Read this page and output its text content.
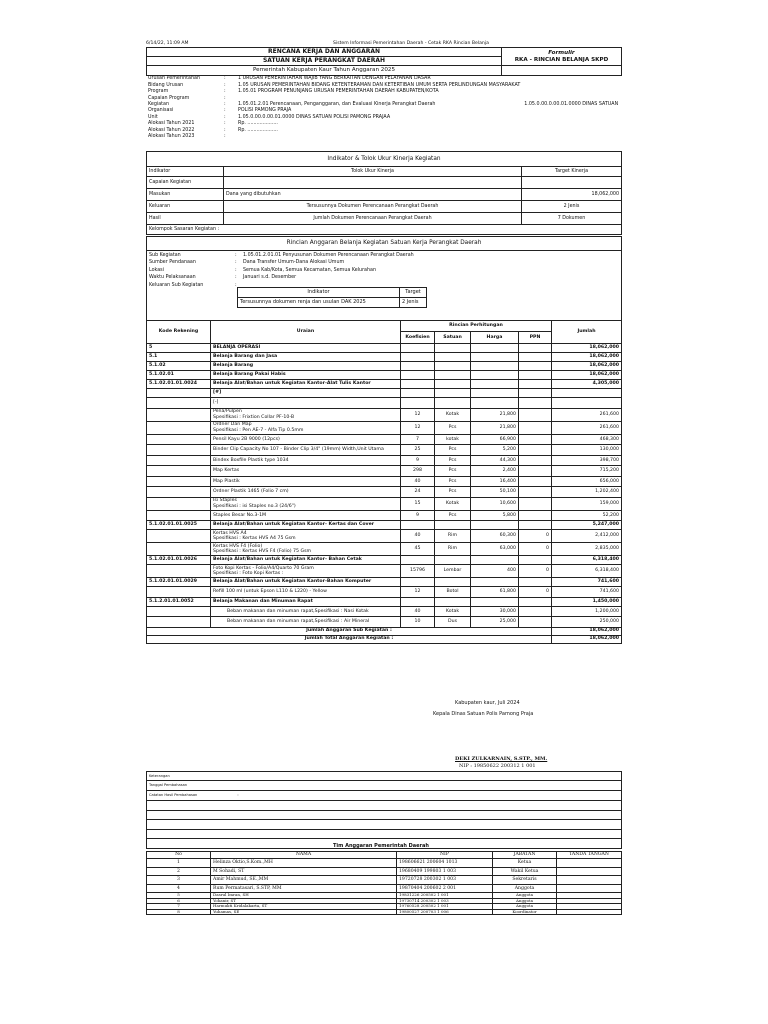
6/14/22, 11:09 AM	Sistem Informasi Pemerintahan Daerah - Cetak RKA Rincian Belanja
RENCANA KERJA DAN ANGGARAN	Formulir
RKA - RINCIAN BELANJA SKPD

SATUAN KERJA PERANGKAT DAERAH	
Pemerintah Kabupaten Kaur Tahun Anggaran 2025	
Urusan Pemerintahan	:	1 URUSAN PEMERINTAHAN WAJIB YANG BERKAITAN DENGAN PELAYANAN DASAR	
Bidang Urusan	:	1.05 URUSAN PEMERINTAHAN BIDANG KETENTERAMAN DAN KETERTIBAN UMUM SERTA PERLINDUNGAN MASYARAKAT	
Program	:	1.05.01 PROGRAM PENUNJANG URUSAN PEMERINTAHAN DAERAH KABUPATEN/KOTA	
Capaian Program	:		
Kegiatan	:	1.05.01.2.01 Perencanaan, Penganggaran, dan Evaluasi Kinerja Perangkat Daerah	1.05.0.00.0.00.01.0000 DINAS SATUAN
Organisasi	:	POLISI PAMONG PRAJA	
Unit	:	1.05.0.00.0.00.01.0000 DINAS SATUAN POLISI PAMONG PRAJAA	
Alokasi Tahun 2021	:	Rp. ....................	
Alokasi Tahun 2022	:	Rp. ....................	
Alokasi Tahun 2023	:		
Indikator & Tolok Ukur Kinerja Kegiatan		
Indikator	Tolok Ukur Kinerja	Target Kinerja
Capaian Kegiatan		
Masukan	Dana yang dibutuhkan	18,062,000
Keluaran	Tersusunnya Dokumen Perencanaan Perangkat Daerah	2 Jenis
Hasil	Jumlah Dokumen Perencanaan Perangkat Daerah	7 Dokumen
Kelompok Sasaran Kegiatan :		
Rincian Anggaran Belanja Kegiatan Satuan Kerja Perangkat Daerah
Sub Kegiatan	:	1.05.01.2.01.01 Penyusunan Dokumen Perencanaan Perangkat Daerah
Sumber Pendanaan	:	Dana Transfer Umum-Dana Alokasi Umum
Lokasi	:	Semua Kab/Kota, Semua Kecamatan, Semua Kelurahan
Waktu Pelaksanaan	:	Januari s.d. Desember
Keluaran Sub Kegiatan	:	
Indikator	Target
Tersusunnya dokumen renja dan usulan DAK 2025	2 Jenis
Kode Rekening	Uraian	Rincian Perhitungan				Jumlah
		Koefisien	Satuan	Harga	PPN	
5	BELANJA OPERASI					18,062,000
5.1	Belanja Barang dan Jasa					18,062,000
5.1.02	Belanja Barang					18,062,000
5.1.02.01	Belanja Barang Pakai Habis					18,062,000
5.1.02.01.01.0024	Belanja Alat/Bahan untuk Kegiatan Kantor-Alat Tulis Kantor					4,305,000
	[#]					
	[-]					
	Pena/Pulpen
Spesifikasi : Frixtion Collar PF-10-B	12	Kotak	21,800		261,600
	Ordner Dan Map
Spesifikasi : Pen AE-7 - Alfa Tip 0.5mm	12	Pcs	21,800		261,600
	Pensil Kayu 2B 9000 (12pcs)	7	kotak	66,900		468,300
	Binder Clip Capacity No 107 - Binder Clip 3/4" (19mm) Width,Unit Utama	25	Pcs	5,200		130,000
	Bindex Boxfile Plastik type 1034	9	Pcs	44,300		398,700
	Map Kertas	298	Pcs	2,400		715,200
	Map Plastik	40	Pcs	16,400		656,000
	Ordner Plastik 1465 (Folio 7 cm)	24	Pcs	50,100		1,202,400
	Isi Staples
Spesifikasi : isi Staples no.3 (24/6")	15	Kotak	10,600		159,000
	Staples Besar No.3-1M	9	Pcs	5,800		52,200
5.1.02.01.01.0025	Belanja Alat/Bahan untuk Kegiatan Kantor- Kertas dan Cover					5,247,000
	Kertas HVS A4
Spesifikasi : Kertas HVS A4 75 Gsm	40	Rim	60,300	0	2,412,000
	Kertas HVS F4 (Folio)
Spesifikasi : Kertas HVS F4 (Folio) 75 Gsm	45	Rim	63,000	0	2,835,000
5.1.02.01.01.0026	Belanja Alat/Bahan untuk Kegiatan Kantor- Bahan Cetak					6,318,400
	Foto Kopi Kertas - Folio/A4/Quarto 70 Gram
Spesifikasi : Foto Kopi Kertas :	15796	Lembar	400	0	6,318,400
5.1.02.01.01.0029	Belanja Alat/Bahan untuk Kegiatan Kantor-Bahan Komputer					741,600
	Refill 100 ml (untuk Epson L110 & L220) - Yellow	12	Botol	61,800	0	741,600
5.1.2.01.01.0052	Belanja Makanan dan Minuman Rapat					1,450,000
	Beban makanan dan minuman rapat,Spesifikasi : Nasi Kotak	40	Kotak	30,000		1,200,000
	Beban makanan dan minuman rapat,Spesifikasi : Air Mineral	10	Dus	25,000		250,000
Jumlah Anggaran Sub Kegiatan :						18,062,000
Jumlah Total Anggaran Kegiatan :						18,062,000
Kabupaten kaur, Juli 2024
Kepala Dinas Satuan Polis Pamong Praja
DEKI ZULKARNAIN, S.STP., MM.
NIP : 19850622 200312 1 001
Keterangan
Tanggal Pembahasan
Catatan Hasil Pembahasan	:

Tim Anggaran Pemerintah Daerah
No	NAMA	NIP	JABATAN	TANDA TANGAN
1	Helinza Oktio,S.Kom.,MH	198606621 200604 1013	Ketua	
2	M Sohadi, ST	19680409 199803 1 003	Wakil Ketua	
3	Amir Mahmud, SE.,MM	19720728 200302 1 003	Sekretaris	
4	Rum Permatasari, S.STP, MM	19870404 200602 2 001	Anggota	
5	Dasrul Imran, SH	19831226 200502 1 001	Anggota	
6	Yohanir, ST	19730714 200302 1 003	Anggota	
7	Harmukti Kridalakarta, ST	19760528 200502 1 001	Anggota	
8	Yuhamas, SE	19800527 200703 1 006	Koordinator	
